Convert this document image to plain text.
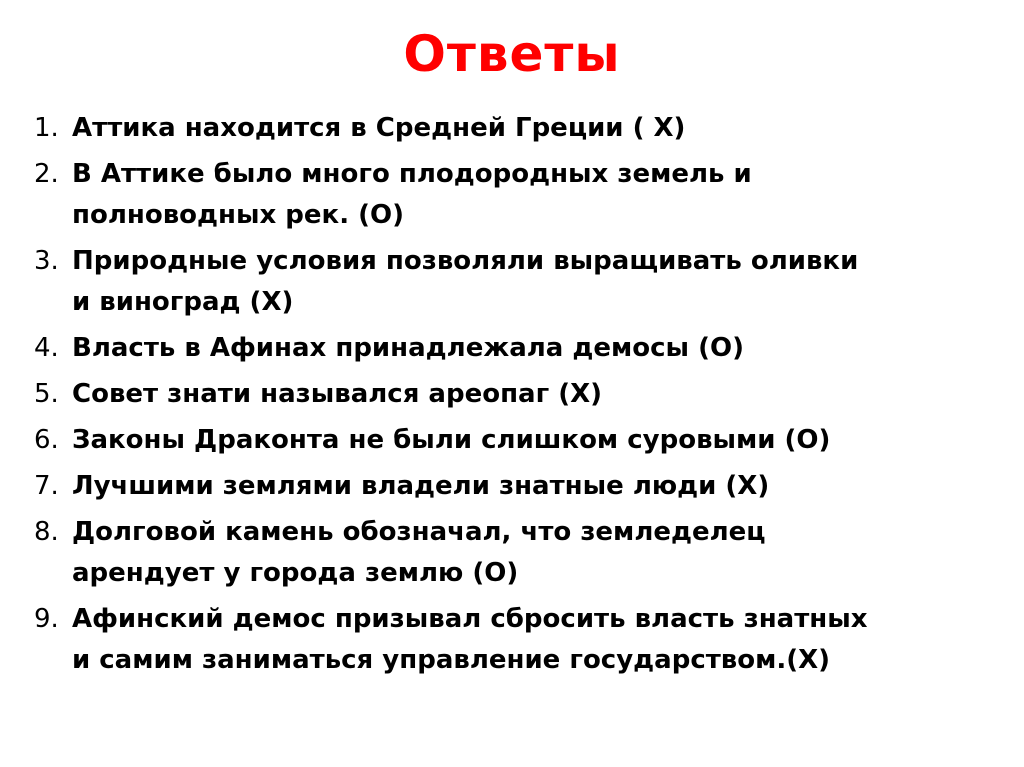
Ответы
1. Аттика находится в Средней Греции ( Х)
2. В Аттике было много плодородных земель и
полноводных рек. (О)
3. Природные условия позволяли выращивать оливки
и виноград (Х)
4. Власть в Афинах принадлежала демосы (О)
5. Совет знати назывался ареопаг (Х)
6. Законы Драконта не были слишком суровыми (О)
7. Лучшими землями владели знатные люди (Х)
8. Долговой камень обозначал, что земледелец
арендует у города землю (О)
9. Афинский демос призывал сбросить власть знатных
и самим заниматься управление государством.(Х)
